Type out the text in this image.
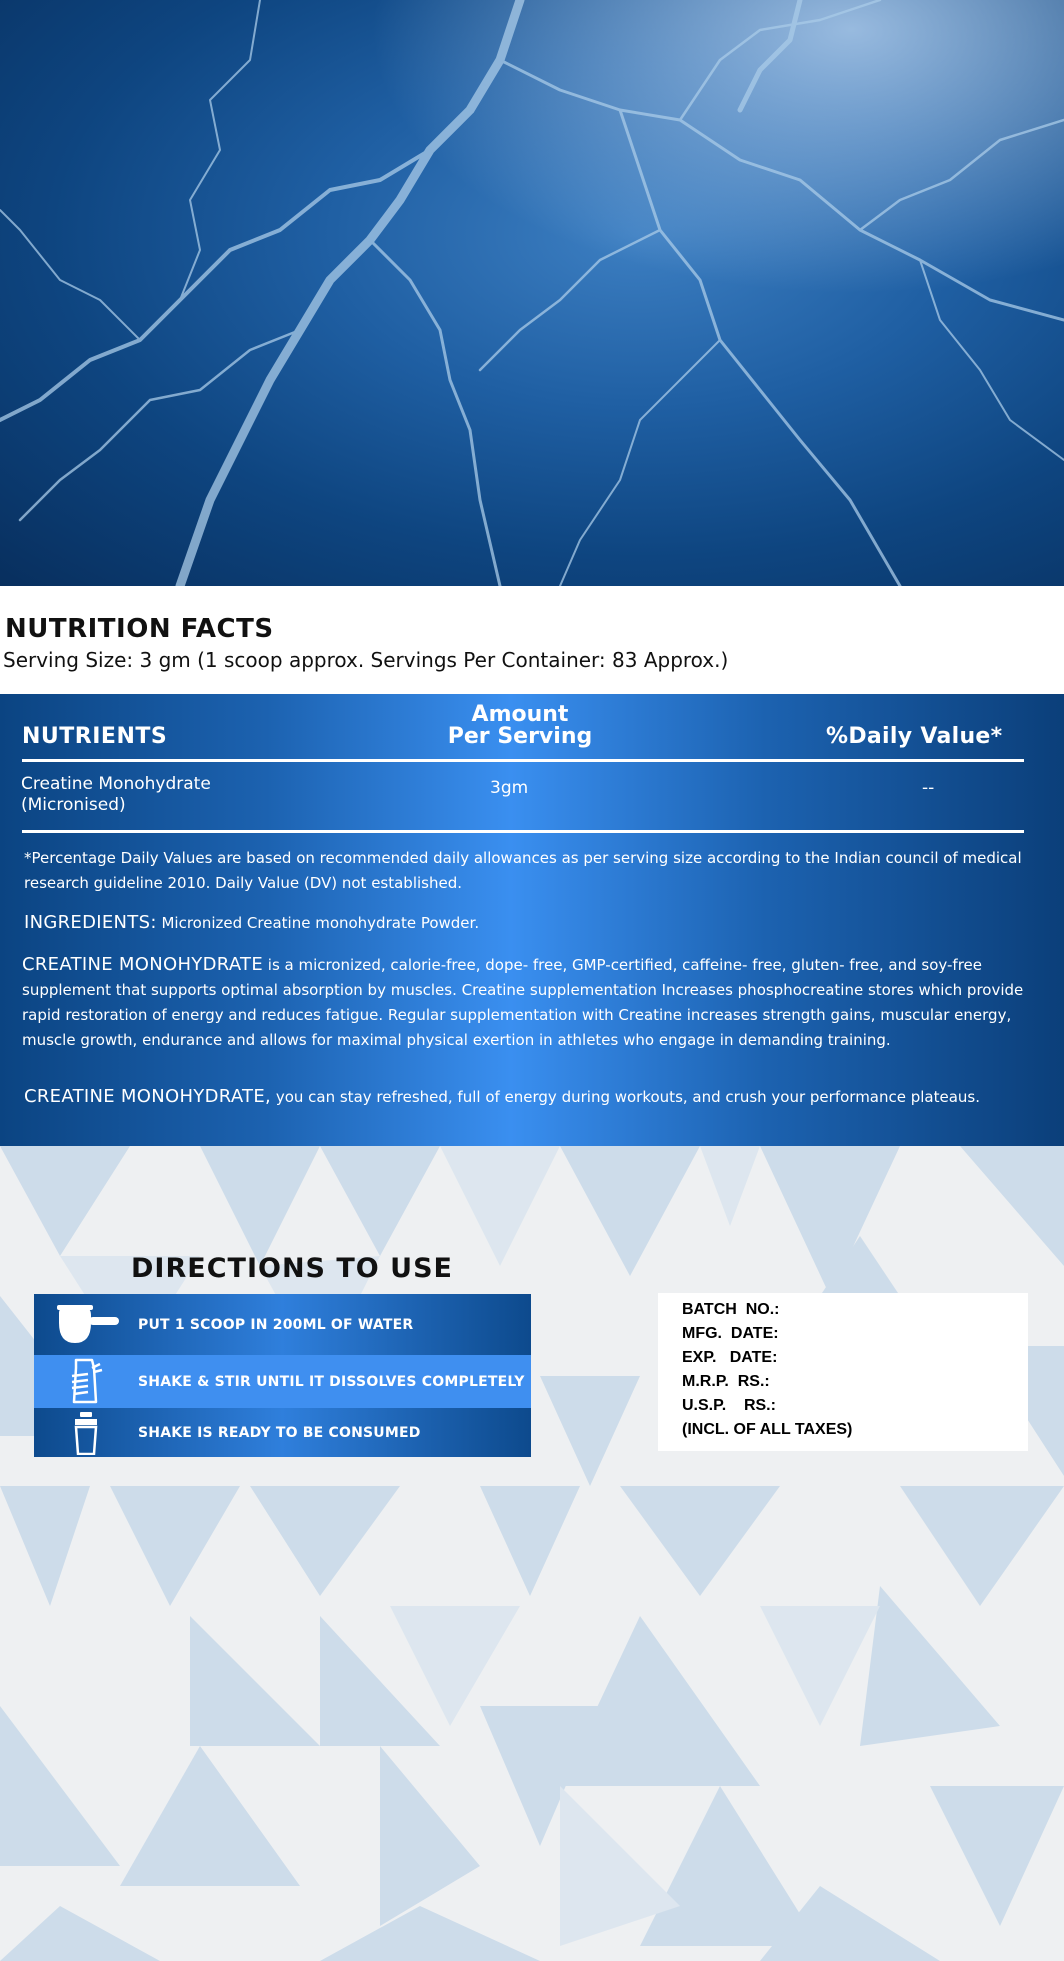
NUTRITION FACTS
Serving Size: 3 gm (1 scoop approx. Servings Per Container: 83 Approx.)
NUTRIENTS
Amount
Per Serving	%Daily Value*
Creatine Monohydrate
(Micronised)
3gm	--
*Percentage Daily Values are based on recommended daily allowances as per serving size according to the Indian council of medical research guideline 2010. Daily Value (DV) not established.
INGREDIENTS: Micronized Creatine monohydrate Powder.
CREATINE MONOHYDRATE is a micronized, calorie-free, dope- free, GMP-certified, caffeine- free, gluten- free, and soy-free supplement that supports optimal absorption by muscles. Creatine supplementation Increases phosphocreatine stores which provide rapid restoration of energy and reduces fatigue. Regular supplementation with Creatine increases strength gains, muscular energy, muscle growth, endurance and allows for maximal physical exertion in athletes who engage in demanding training.
CREATINE MONOHYDRATE, you can stay refreshed, full of energy during workouts, and crush your performance plateaus.
DIRECTIONS TO USE
PUT 1 SCOOP IN 200ML OF WATER
SHAKE & STIR UNTIL IT DISSOLVES COMPLETELY
SHAKE IS READY TO BE CONSUMED
BATCH  NO.:
MFG.  DATE:
EXP.   DATE:
M.R.P.  RS.:
U.S.P.    RS.:
(INCL. OF ALL TAXES)
